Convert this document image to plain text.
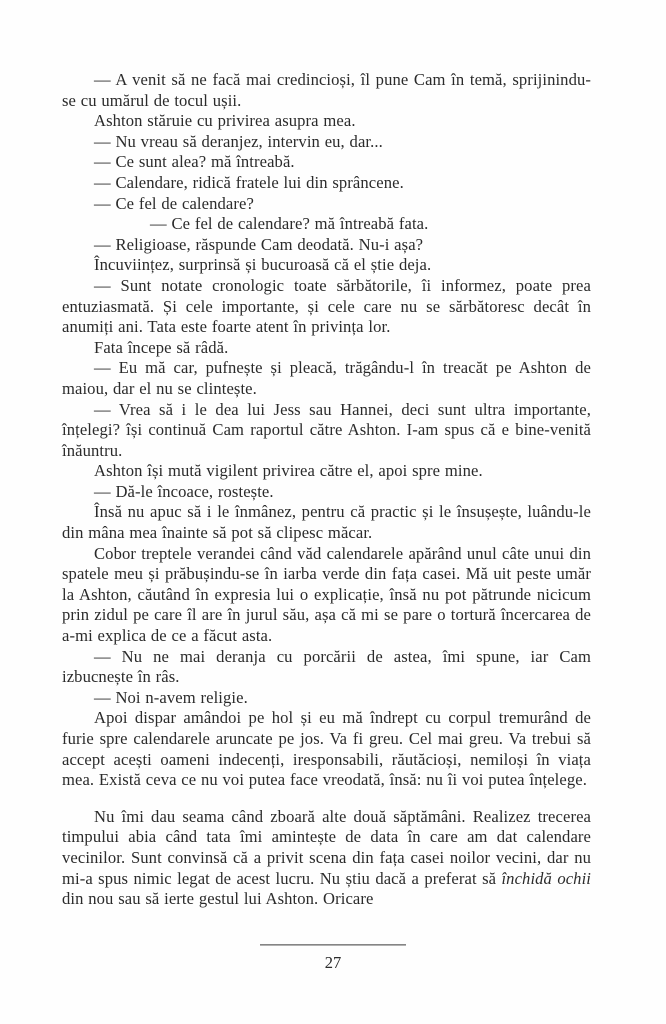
— A venit să ne facă mai credincioși, îl pune Cam în temă, sprijinindu-se cu umărul de tocul ușii.

Ashton stăruie cu privirea asupra mea.

— Nu vreau să deranjez, intervin eu, dar...

— Ce sunt alea? mă întreabă.

— Calendare, ridică fratele lui din sprâncene.

— Ce fel de calendare?

— Ce fel de calendare? mă întreabă fata.

— Religioase, răspunde Cam deodată. Nu-i așa?

Încuviințez, surprinsă și bucuroasă că el știe deja.

— Sunt notate cronologic toate sărbătorile, îi informez, poate prea entuziasmată. Și cele importante, și cele care nu se sărbătoresc decât în anumiți ani. Tata este foarte atent în privința lor.

Fata începe să râdă.

— Eu mă car, pufnește și pleacă, trăgându-l în treacăt pe Ashton de maiou, dar el nu se clintește.

— Vrea să i le dea lui Jess sau Hannei, deci sunt ultra importante, înțelegi? își continuă Cam raportul către Ashton. I-am spus că e bine-venită înăuntru.

Ashton își mută vigilent privirea către el, apoi spre mine.

— Dă-le încoace, rostește.

Însă nu apuc să i le înmânez, pentru că practic și le însușește, luându-le din mâna mea înainte să pot să clipesc măcar.

Cobor treptele verandei când văd calendarele apărând unul câte unui din spatele meu și prăbușindu-se în iarba verde din fața casei. Mă uit peste umăr la Ashton, căutând în expresia lui o explicație, însă nu pot pătrunde nicicum prin zidul pe care îl are în jurul său, așa că mi se pare o tortură încercarea de a-mi explica de ce a făcut asta.

— Nu ne mai deranja cu porcării de astea, îmi spune, iar Cam izbucnește în râs.

— Noi n-avem religie.

Apoi dispar amândoi pe hol și eu mă îndrept cu corpul tremurând de furie spre calendarele aruncate pe jos. Va fi greu. Cel mai greu. Va trebui să accept acești oameni indecenți, iresponsabili, răutăcioși, nemiloși în viața mea. Există ceva ce nu voi putea face vreodată, însă: nu îi voi putea înțelege.

Nu îmi dau seama când zboară alte două săptămâni. Realizez trecerea timpului abia când tata îmi amintește de data în care am dat calendare vecinilor. Sunt convinsă că a privit scena din fața casei noilor vecini, dar nu mi-a spus nimic legat de acest lucru. Nu știu dacă a preferat să închidă ochii din nou sau să ierte gestul lui Ashton. Oricare

27
